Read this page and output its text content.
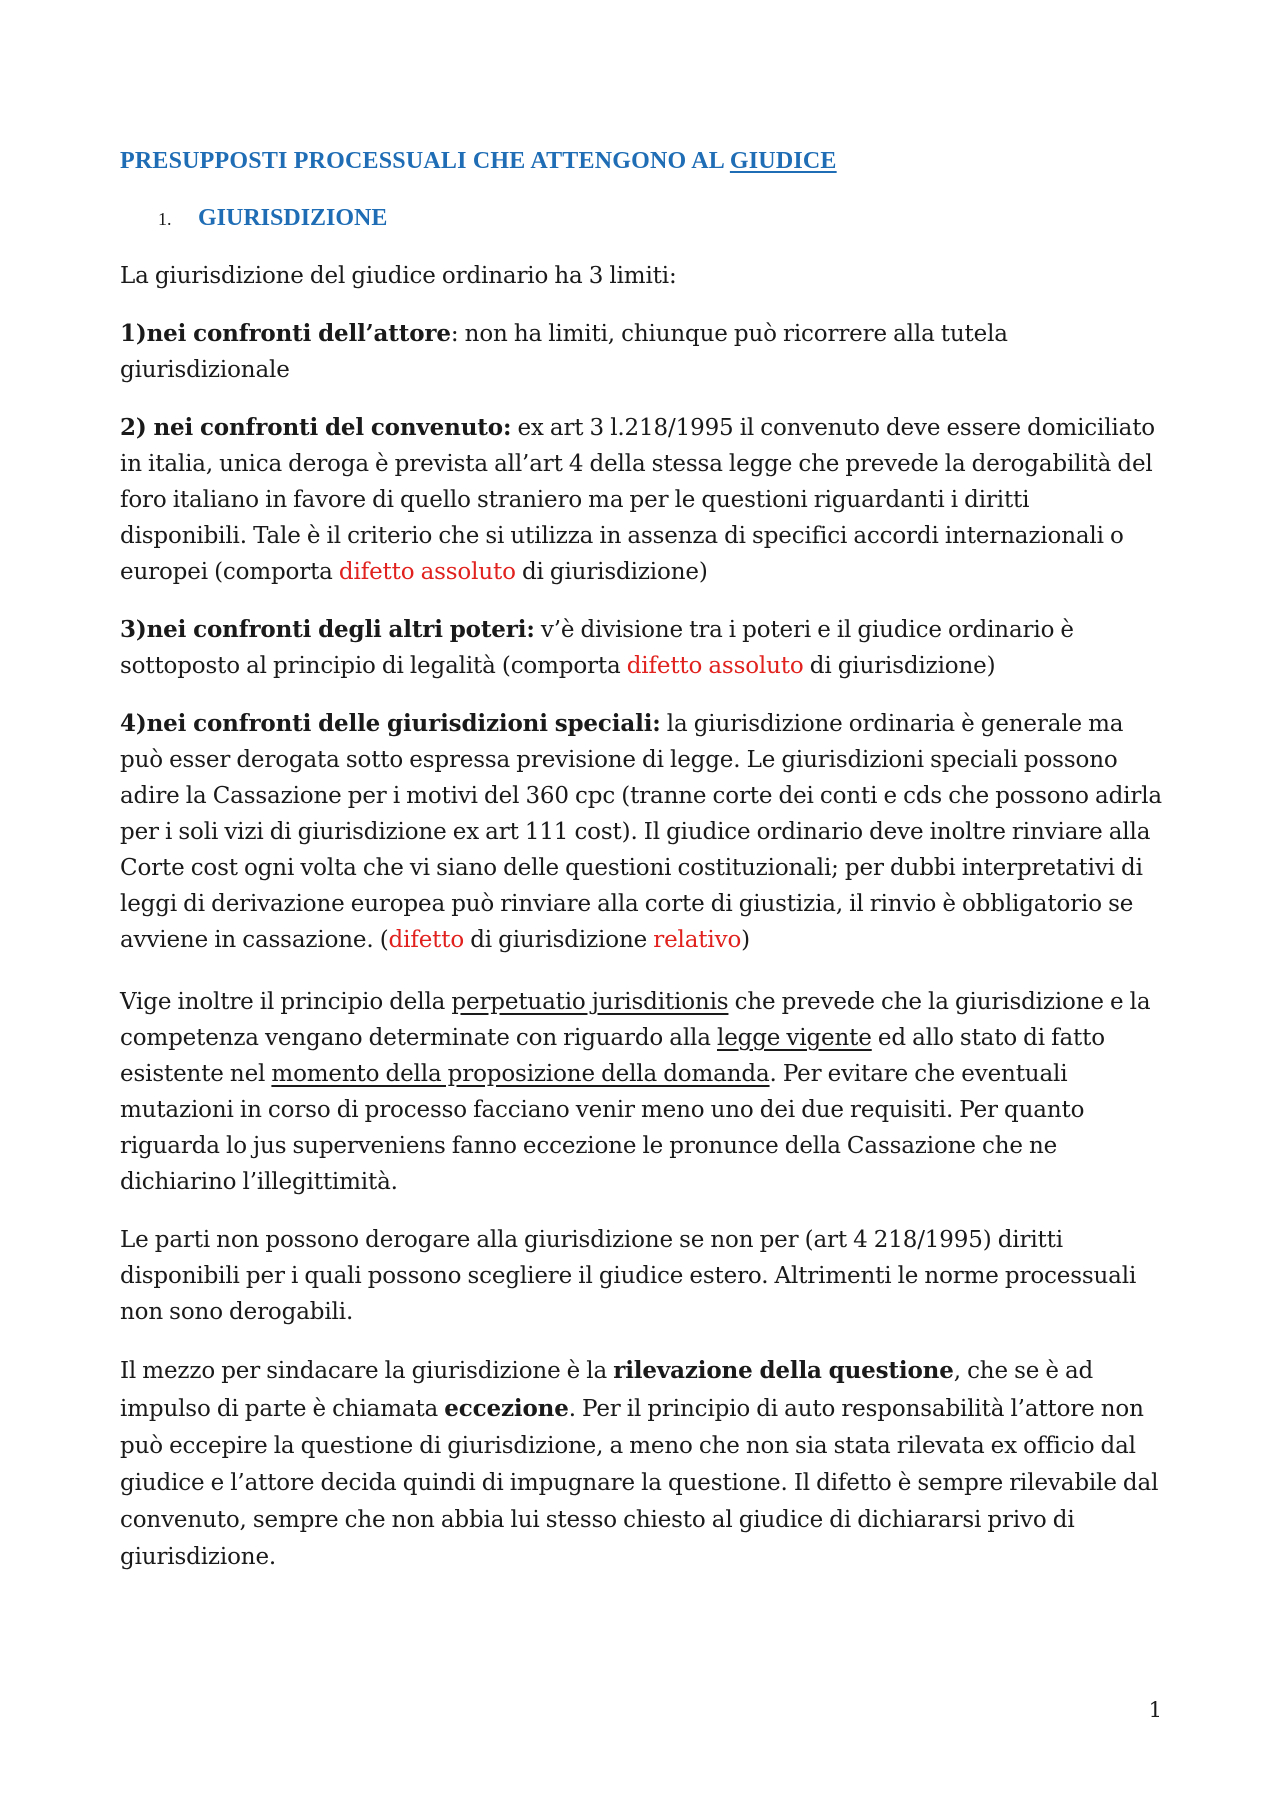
PRESUPPOSTI PROCESSUALI CHE ATTENGONO AL GIUDICE
1.	GIURISDIZIONE

La giurisdizione del giudice ordinario ha 3 limiti:

1)nei confronti dell’attore: non ha limiti, chiunque può ricorrere alla tutela giurisdizionale

2) nei confronti del convenuto: ex art 3 l.218/1995 il convenuto deve essere domiciliato in italia, unica deroga è prevista all’art 4 della stessa legge che prevede la derogabilità del foro italiano in favore di quello straniero ma per le questioni riguardanti i diritti disponibili. Tale è il criterio che si utilizza in assenza di specifici accordi internazionali o europei (comporta difetto assoluto di giurisdizione)

3)nei confronti degli altri poteri: v’è divisione tra i poteri e il giudice ordinario è sottoposto al principio di legalità (comporta difetto assoluto di giurisdizione)

4)nei confronti delle giurisdizioni speciali: la giurisdizione ordinaria è generale ma può esser derogata sotto espressa previsione di legge. Le giurisdizioni speciali possono adire la Cassazione per i motivi del 360 cpc (tranne corte dei conti e cds che possono adirla per i soli vizi di giurisdizione ex art 111 cost). Il giudice ordinario deve inoltre rinviare alla Corte cost ogni volta che vi siano delle questioni costituzionali; per dubbi interpretativi di leggi di derivazione europea può rinviare alla corte di giustizia, il rinvio è obbligatorio se avviene in cassazione. (difetto di giurisdizione relativo)

Vige inoltre il principio della perpetuatio jurisditionis che prevede che la giurisdizione e la competenza vengano determinate con riguardo alla legge vigente ed allo stato di fatto esistente nel momento della proposizione della domanda. Per evitare che eventuali mutazioni in corso di processo facciano venir meno uno dei due requisiti. Per quanto riguarda lo jus superveniens fanno eccezione le pronunce della Cassazione che ne dichiarino l’illegittimità.

Le parti non possono derogare alla giurisdizione se non per (art 4 218/1995) diritti disponibili per i quali possono scegliere il giudice estero. Altrimenti le norme processuali non sono derogabili.

Il mezzo per sindacare la giurisdizione è la rilevazione della questione, che se è ad impulso di parte è chiamata eccezione. Per il principio di auto responsabilità l’attore non può eccepire la questione di giurisdizione, a meno che non sia stata rilevata ex officio dal giudice e l’attore decida quindi di impugnare la questione. Il difetto è sempre rilevabile dal convenuto, sempre che non abbia lui stesso chiesto al giudice di dichiararsi privo di giurisdizione.

1
